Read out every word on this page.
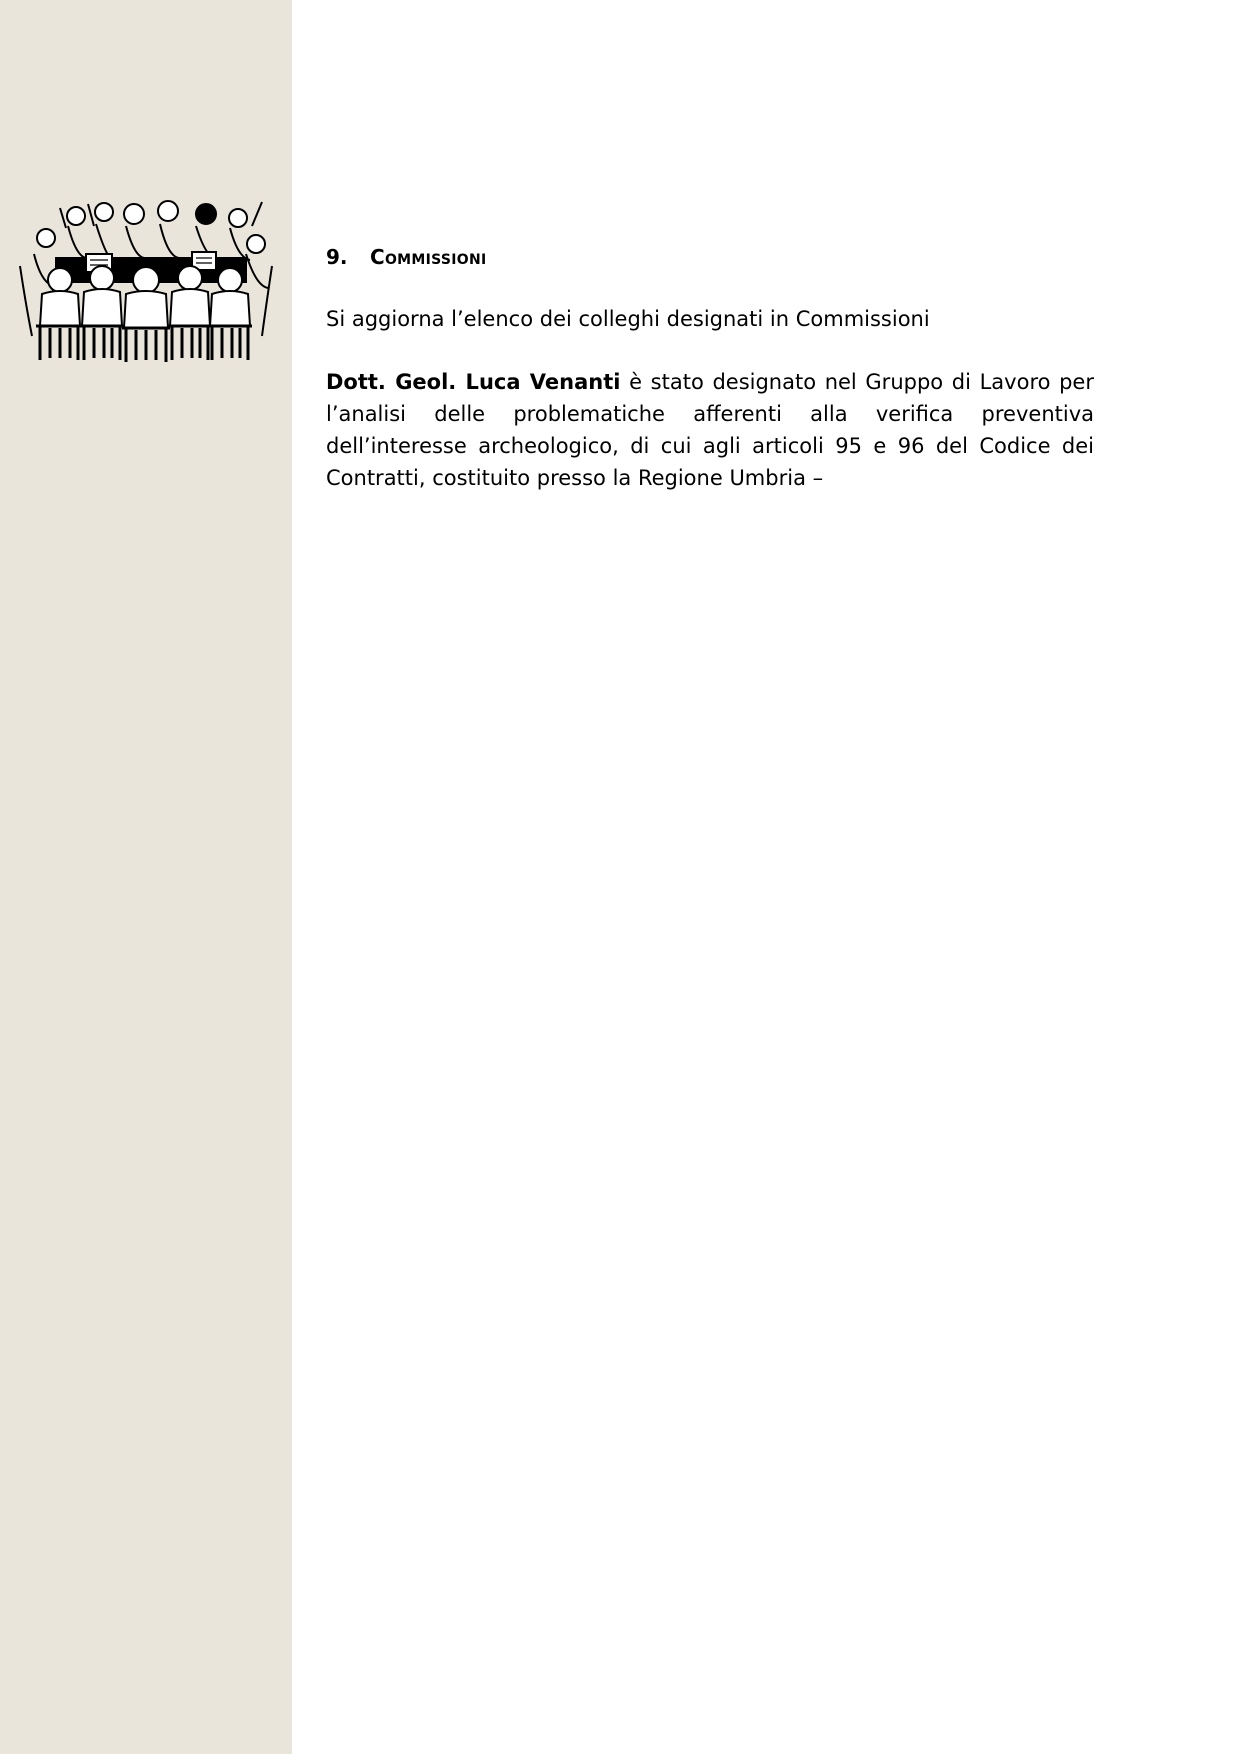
9. Commissioni

Si aggiorna l’elenco dei colleghi designati in Commissioni

Dott. Geol. Luca Venanti è stato designato nel Gruppo di Lavoro per l’analisi delle problematiche afferenti alla verifica preventiva dell’interesse archeologico, di cui agli articoli 95 e 96 del Codice dei Contratti, costituito presso la Regione Umbria –
